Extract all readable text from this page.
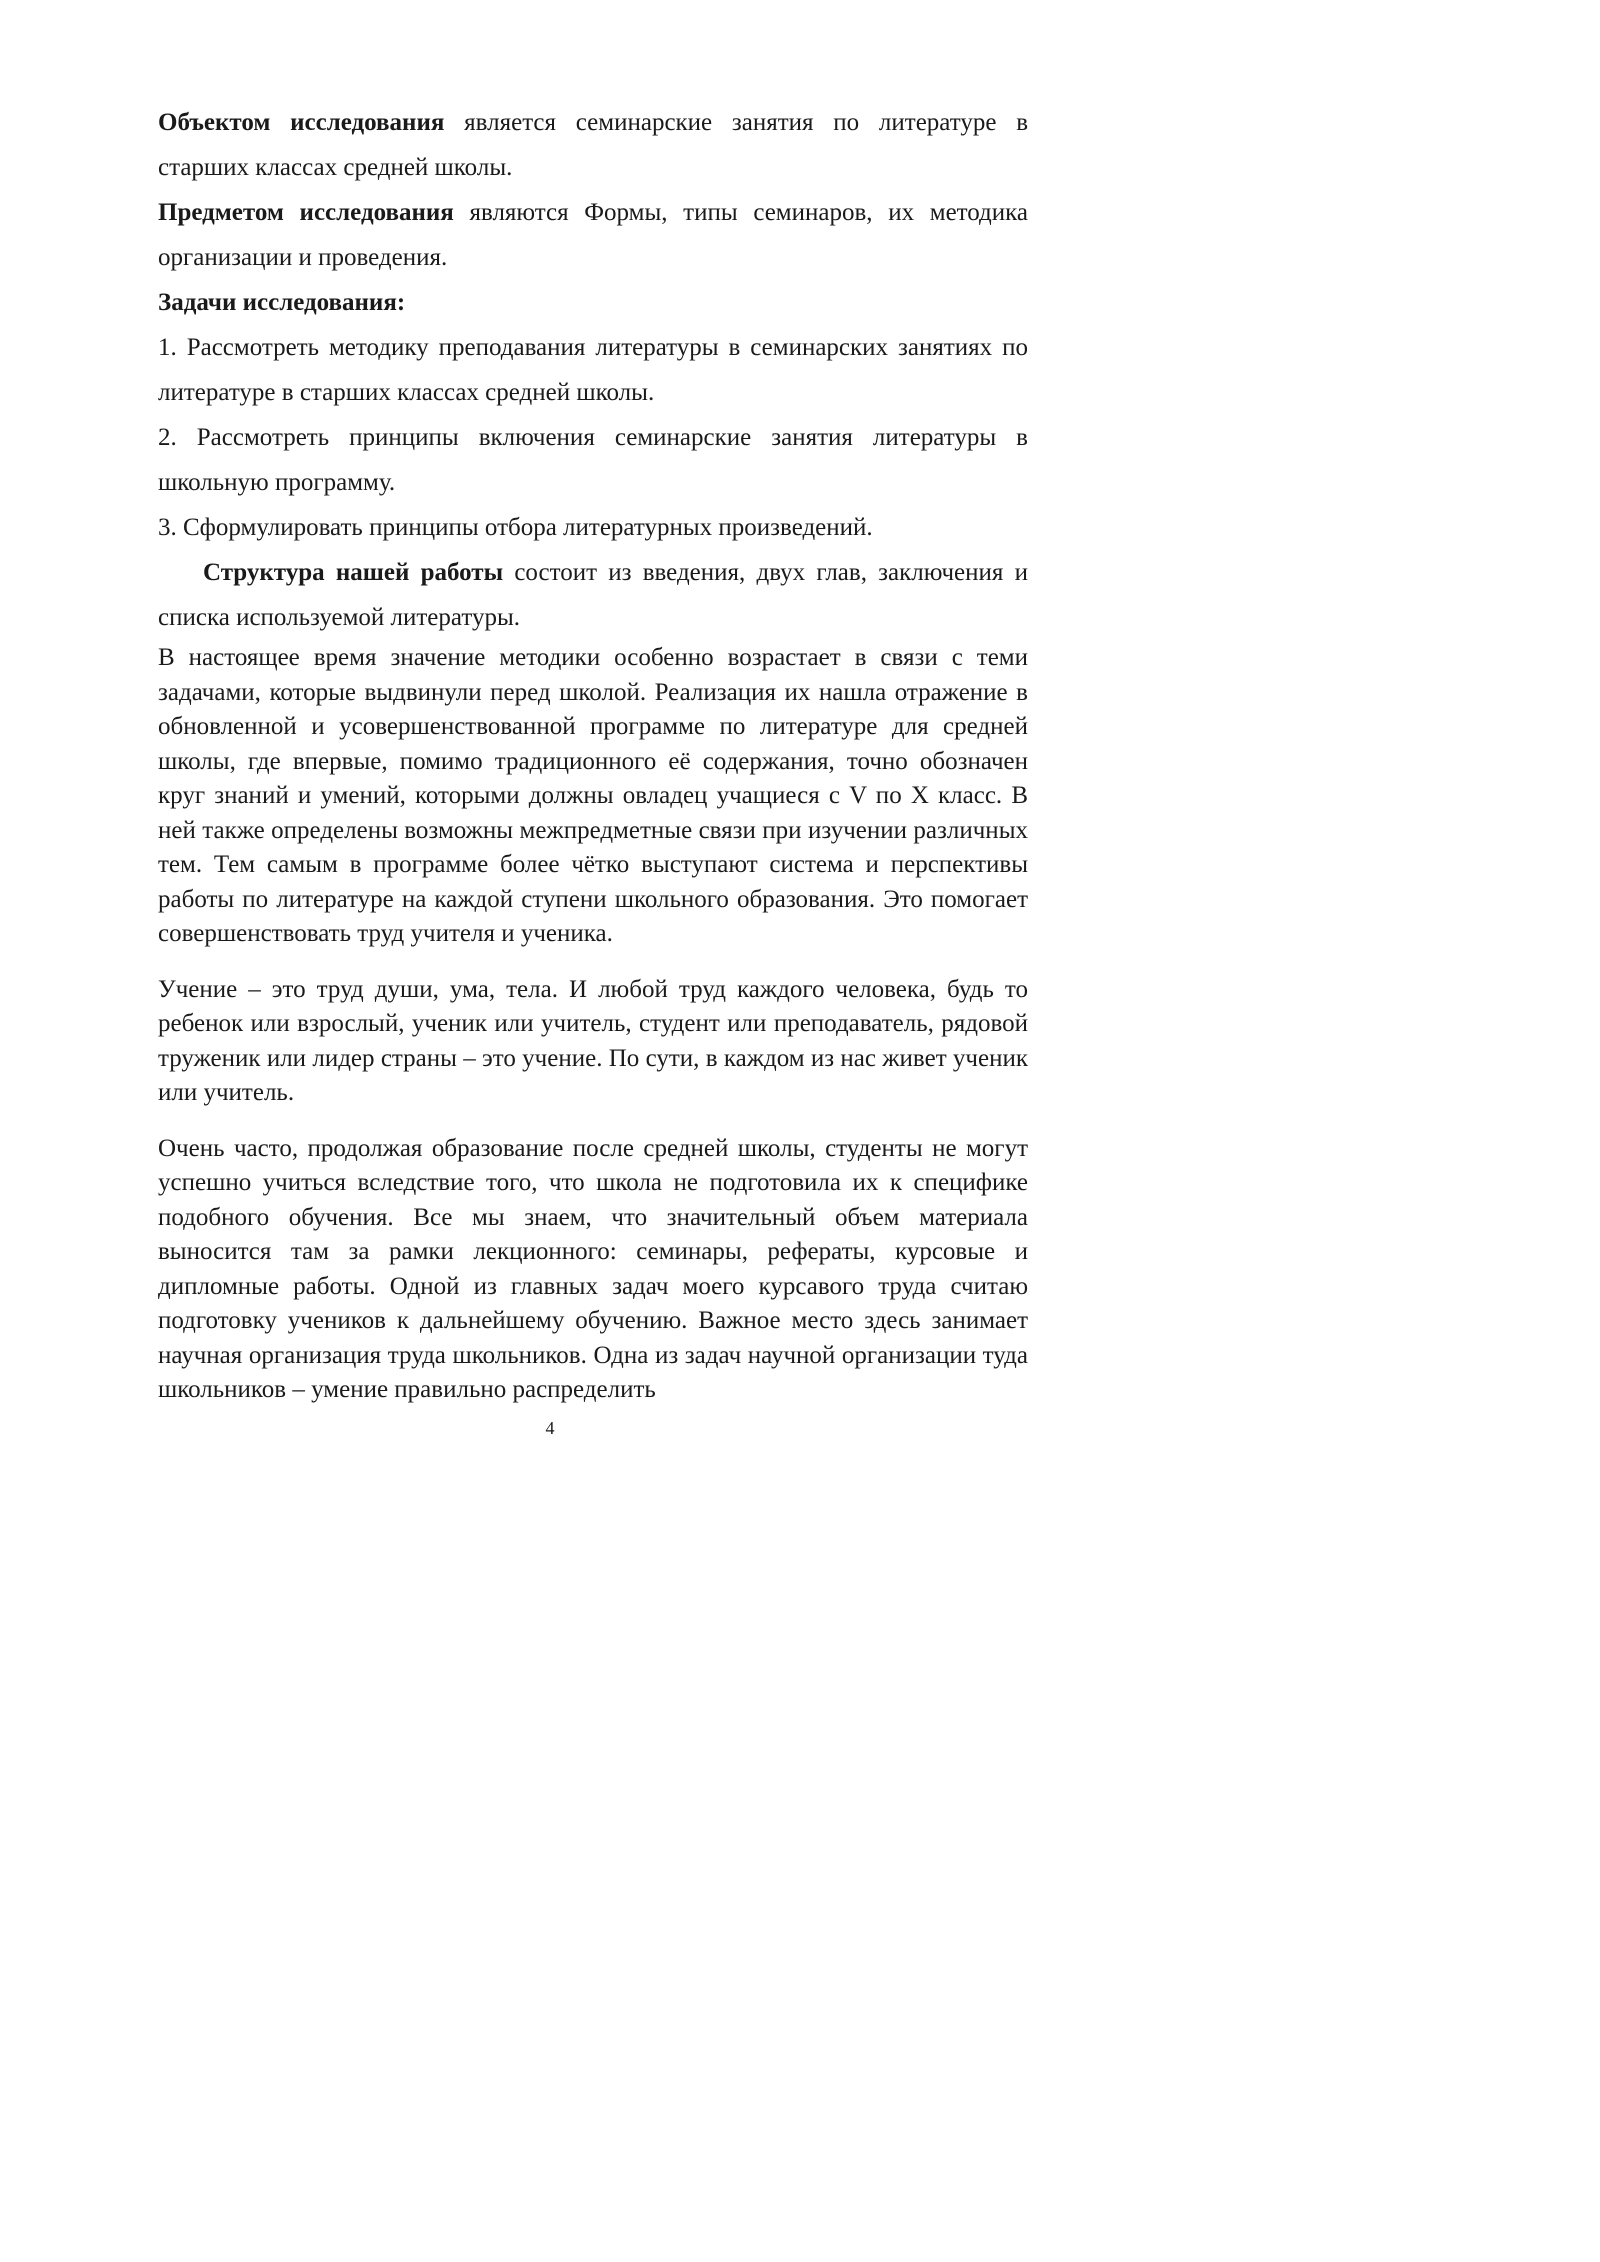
Объектом исследования является семинарские занятия по литературе в старших классах средней школы.

Предметом исследования являются Формы, типы семинаров, их методика организации и проведения.

Задачи исследования:

1. Рассмотреть методику преподавания литературы в семинарских занятиях по литературе в старших классах средней школы.

2. Рассмотреть принципы включения семинарские занятия литературы в школьную программу.

3. Сформулировать принципы отбора литературных произведений.

Структура нашей работы состоит из введения, двух глав, заключения и списка используемой литературы.

В настоящее время значение методики особенно возрастает в связи с теми задачами, которые выдвинули перед школой. Реализация их нашла отражение в обновленной и усовершенствованной программе по литературе для средней школы, где впервые, помимо традиционного её содержания, точно обозначен круг знаний и умений, которыми должны овладец учащиеся с V по X класс. В ней также определены возможны межпредметные связи при изучении различных тем. Тем самым в программе более чётко выступают система и перспективы работы по литературе на каждой ступени школьного образования. Это помогает совершенствовать труд учителя и ученика.

Учение – это труд души, ума, тела. И любой труд каждого человека, будь то ребенок или взрослый, ученик или учитель, студент или преподаватель, рядовой труженик или лидер страны – это учение. По сути, в каждом из нас живет ученик или учитель.

Очень часто, продолжая образование после средней школы, студенты не могут успешно учиться вследствие того, что школа не подготовила их к специфике подобного обучения. Все мы знаем, что значительный объем материала выносится там за рамки лекционного: семинары, рефераты, курсовые и дипломные работы. Одной из главных задач моего курсавого труда считаю подготовку учеников к дальнейшему обучению. Важное место здесь занимает научная организация труда школьников. Одна из задач научной организации туда школьников – умение правильно распределить

4
